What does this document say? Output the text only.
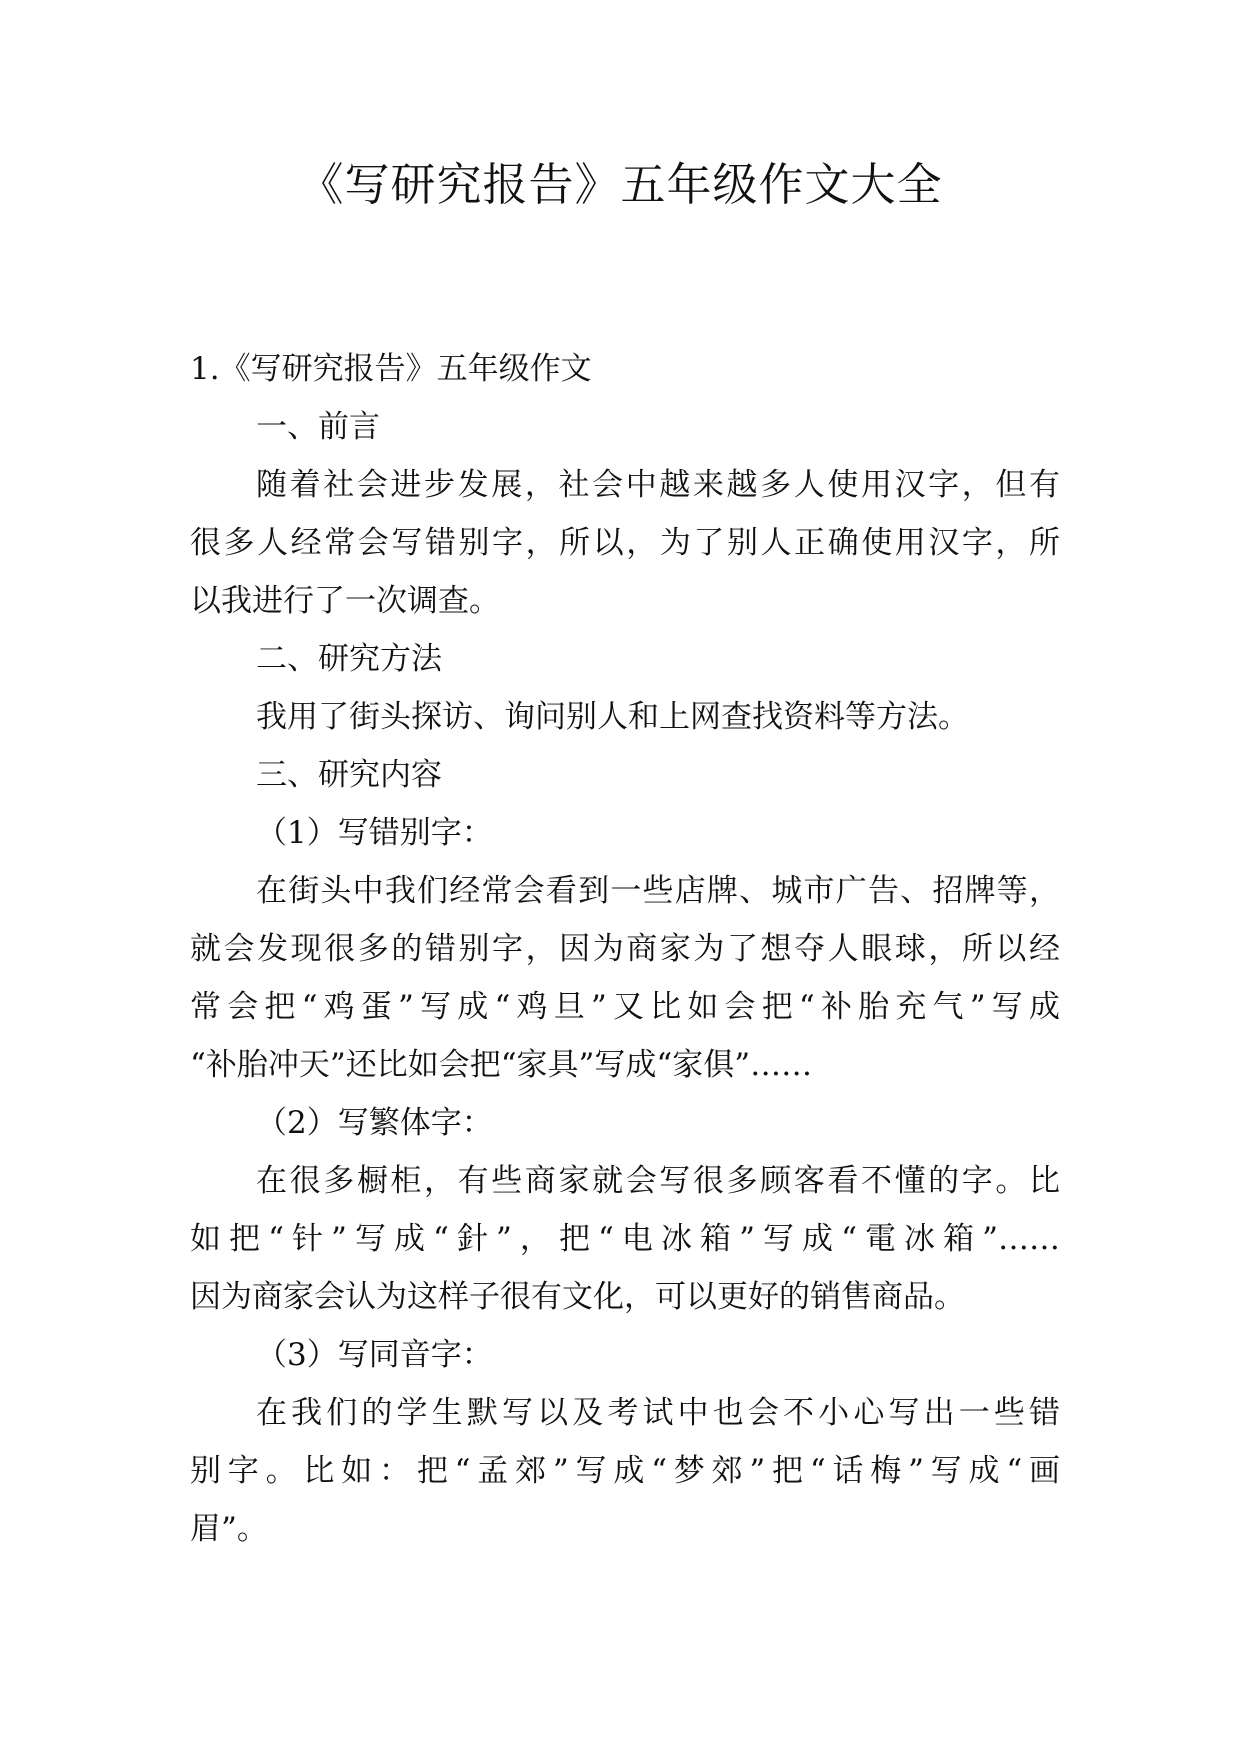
《写研究报告》五年级作文大全

1.《写研究报告》五年级作文

一、前言

随着社会进步发展，社会中越来越多人使用汉字，但有

很多人经常会写错别字，所以，为了别人正确使用汉字，所

以我进行了一次调查。

二、研究方法

我用了街头探访、询问别人和上网查找资料等方法。

三、研究内容

（1）写错别字：

在街头中我们经常会看到一些店牌、城市广告、招牌等，

就会发现很多的错别字，因为商家为了想夺人眼球，所以经

常会把“鸡蛋”写成“鸡旦”又比如会把“补胎充气”写成

“补胎冲天”还比如会把“家具”写成“家俱”……

（2）写繁体字：

在很多橱柜，有些商家就会写很多顾客看不懂的字。比

如把“针”写成“針”，把“电冰箱”写成“電冰箱”……

因为商家会认为这样子很有文化，可以更好的销售商品。

（3）写同音字：

在我们的学生默写以及考试中也会不小心写出一些错

别字。比如：把“孟郊”写成“梦郊”把“话梅”写成“画

眉”。
